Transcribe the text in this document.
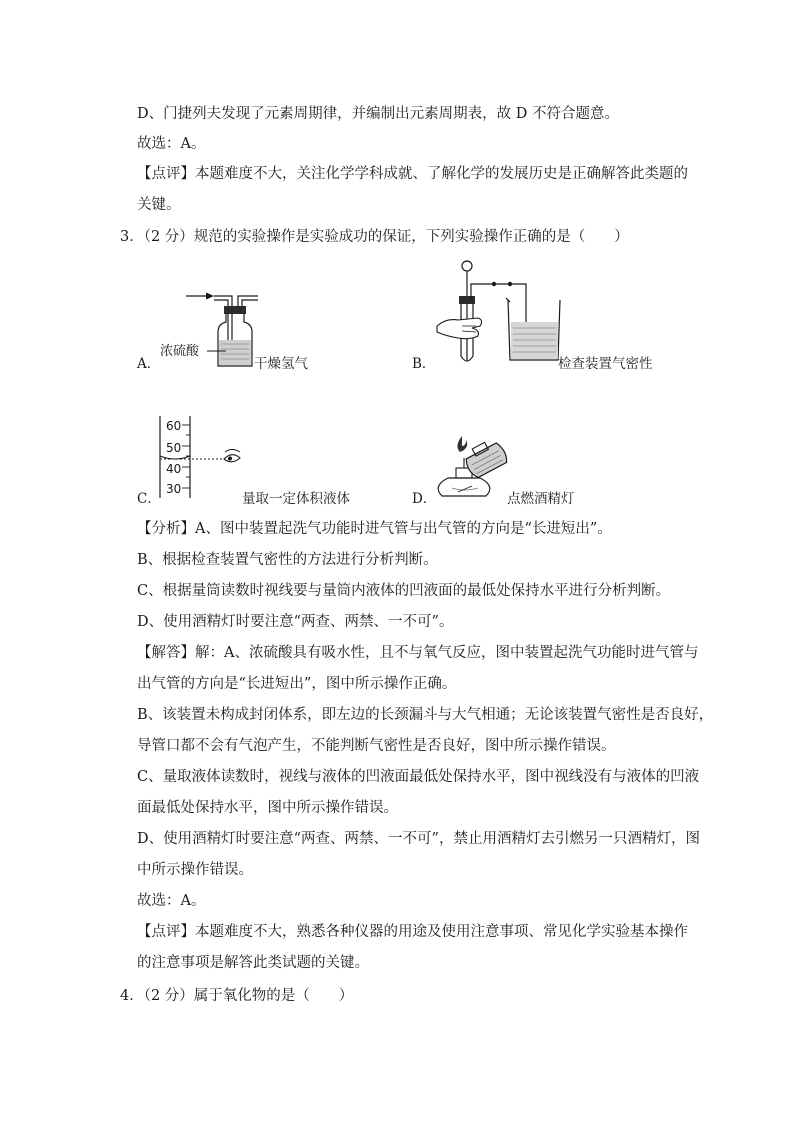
D、门捷列夫发现了元素周期律，并编制出元素周期表，故 D 不符合题意。
故选：A。
【点评】本题难度不大，关注化学学科成就、了解化学的发展历史是正确解答此类题的
关键。
3．（2 分）规范的实验操作是实验成功的保证，下列实验操作正确的是（　　）
A．
浓硫酸
干燥氢气	B．	检查装置气密性
C．
60
50
40
30
量取一定体积液体	D．	点燃酒精灯
【分析】A、图中装置起洗气功能时进气管与出气管的方向是“长进短出”。
B、根据检查装置气密性的方法进行分析判断。
C、根据量筒读数时视线要与量筒内液体的凹液面的最低处保持水平进行分析判断。
D、使用酒精灯时要注意“两查、两禁、一不可”。
【解答】解：A、浓硫酸具有吸水性，且不与氧气反应，图中装置起洗气功能时进气管与
出气管的方向是“长进短出”，图中所示操作正确。
B、该装置未构成封闭体系，即左边的长颈漏斗与大气相通；无论该装置气密性是否良好，
导管口都不会有气泡产生，不能判断气密性是否良好，图中所示操作错误。
C、量取液体读数时，视线与液体的凹液面最低处保持水平，图中视线没有与液体的凹液
面最低处保持水平，图中所示操作错误。
D、使用酒精灯时要注意“两查、两禁、一不可”，禁止用酒精灯去引燃另一只酒精灯，图
中所示操作错误。
故选：A。
【点评】本题难度不大，熟悉各种仪器的用途及使用注意事项、常见化学实验基本操作
的注意事项是解答此类试题的关键。
4．（2 分）属于氧化物的是（　　）
